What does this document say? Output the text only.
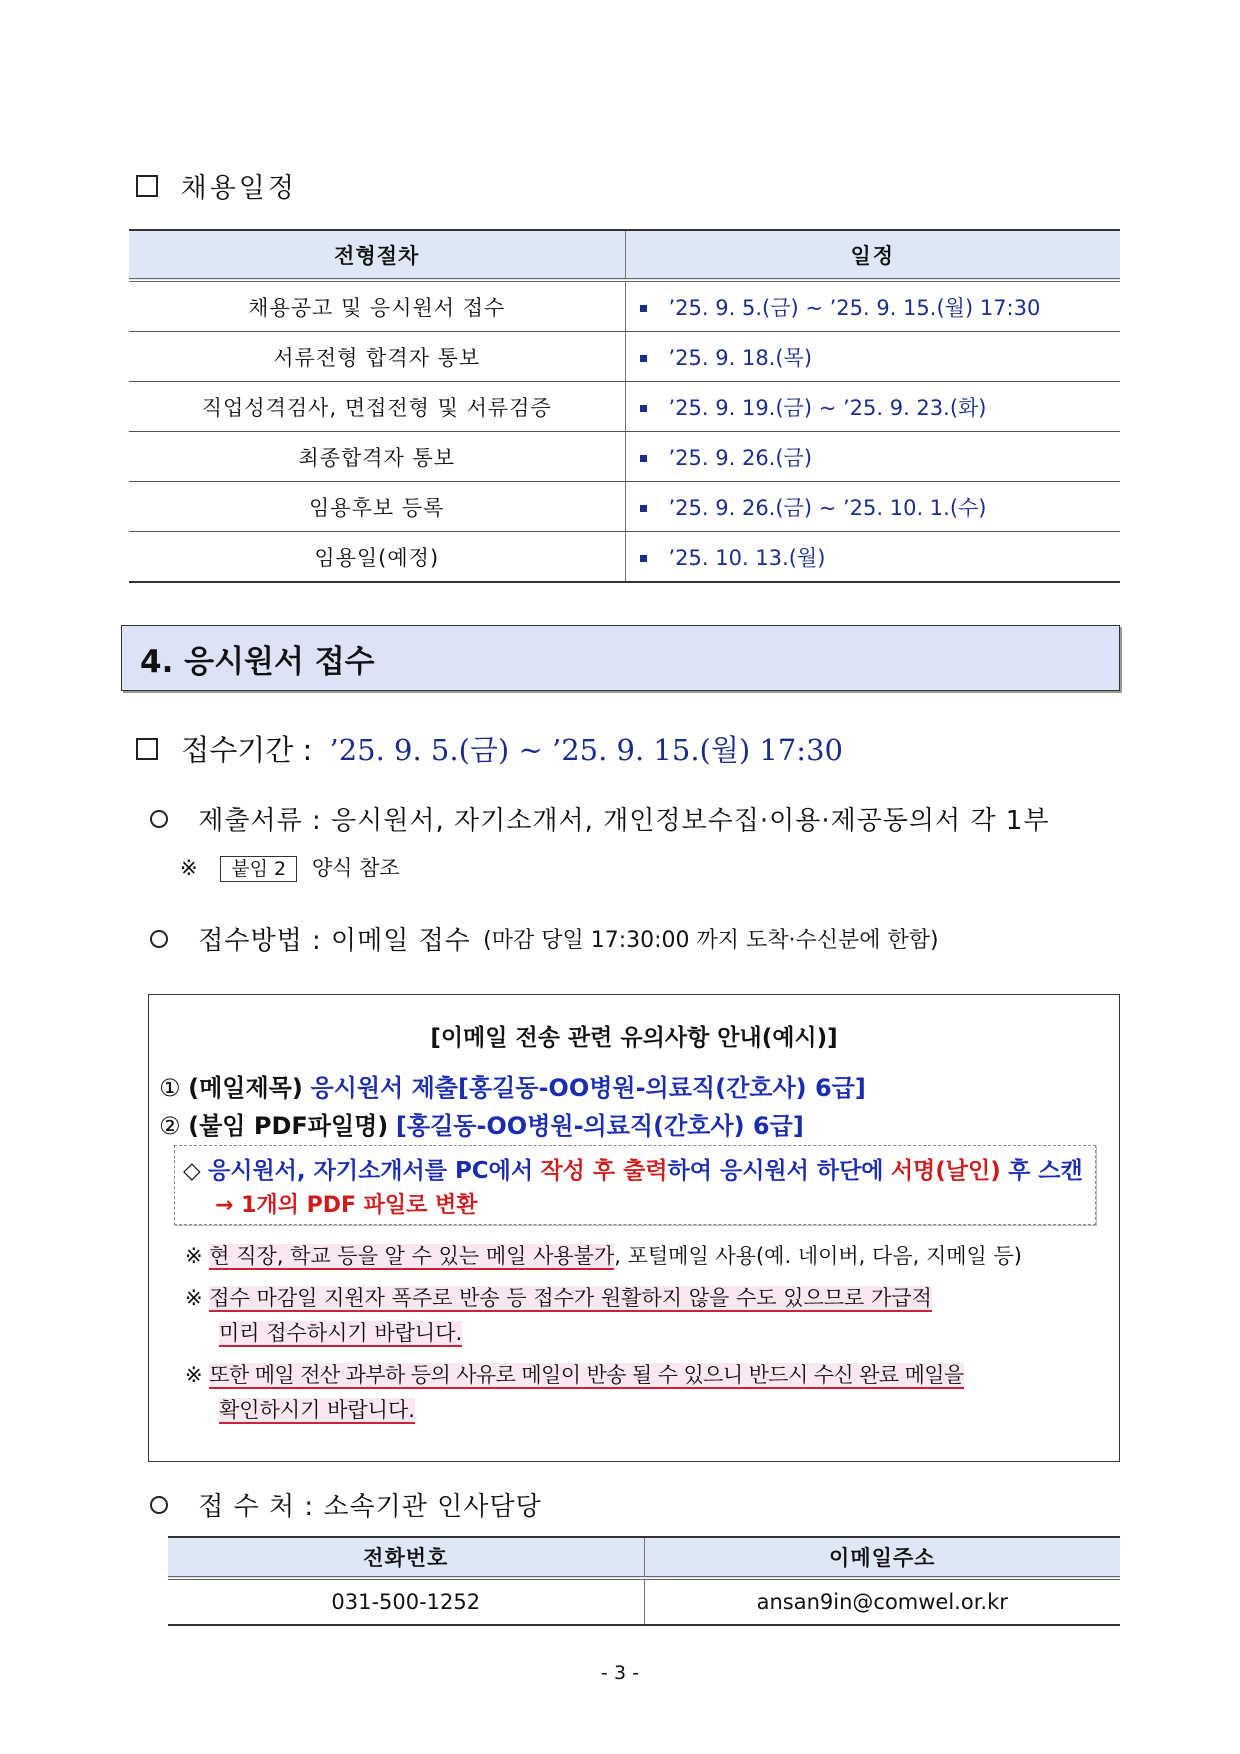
채용일정
전형절차	일정
채용공고 및 응시원서 접수	’25. 9. 5.(금) ~ ’25. 9. 15.(월) 17:30
서류전형 합격자 통보	’25. 9. 18.(목)
직업성격검사, 면접전형 및 서류검증	’25. 9. 19.(금) ~ ’25. 9. 23.(화)
최종합격자 통보	’25. 9. 26.(금)
임용후보 등록	’25. 9. 26.(금) ~ ’25. 10. 1.(수)
임용일(예정)	’25. 10. 13.(월)
4. 응시원서 접수
접수기간 : ’25. 9. 5.(금) ~ ’25. 9. 15.(월) 17:30
제출서류 : 응시원서, 자기소개서, 개인정보수집·이용·제공동의서 각 1부
※ 붙임 2 양식 참조
접수방법 : 이메일 접수 (마감 당일 17:30:00 까지 도착·수신분에 한함)
[이메일 전송 관련 유의사항 안내(예시)]
① (메일제목) 응시원서 제출[홍길동-OO병원-의료직(간호사) 6급]
② (붙임 PDF파일명) [홍길동-OO병원-의료직(간호사) 6급]
◇ 응시원서, 자기소개서를 PC에서 작성 후 출력하여 응시원서 하단에 서명(날인) 후 스캔
→ 1개의 PDF 파일로 변환
※ 현 직장, 학교 등을 알 수 있는 메일 사용불가, 포털메일 사용(예. 네이버, 다음, 지메일 등)
※ 접수 마감일 지원자 폭주로 반송 등 접수가 원활하지 않을 수도 있으므로 가급적
미리 접수하시기 바랍니다.
※ 또한 메일 전산 과부하 등의 사유로 메일이 반송 될 수 있으니 반드시 수신 완료 메일을
확인하시기 바랍니다.
접 수 처 : 소속기관 인사담당
전화번호	이메일주소
031-500-1252	ansan9in@comwel.or.kr
- 3 -
